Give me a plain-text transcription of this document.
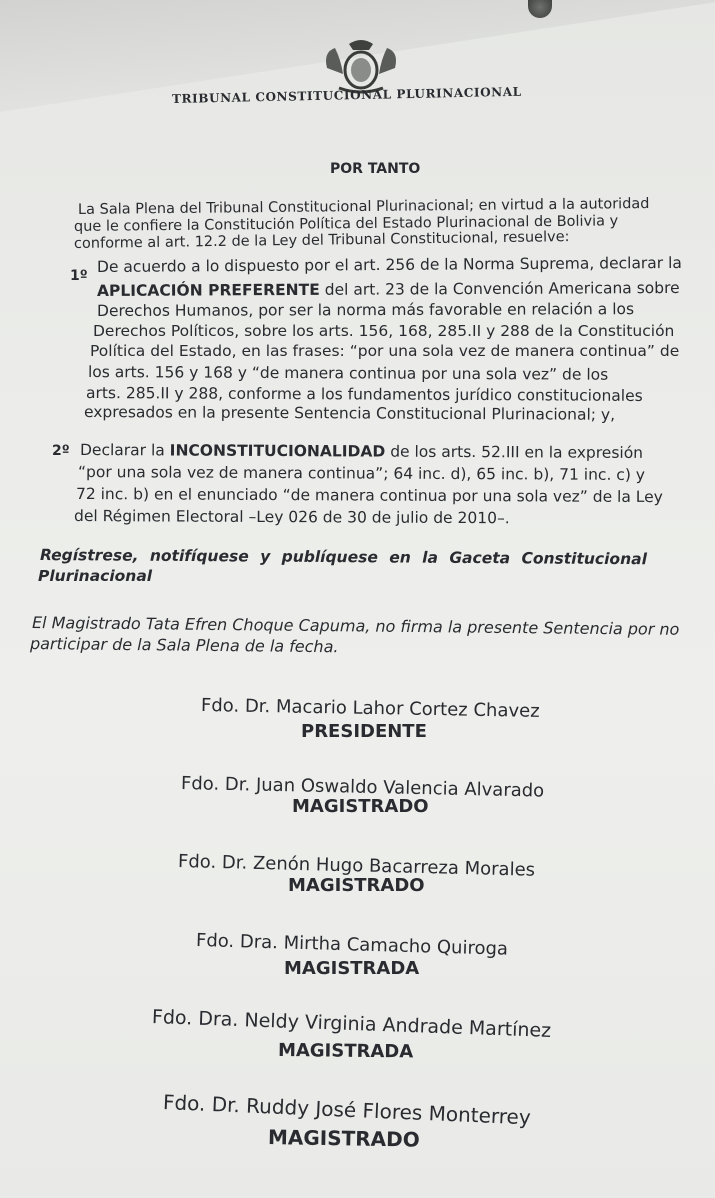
TRIBUNAL CONSTITUCIONAL PLURINACIONAL
POR TANTO
La Sala Plena del Tribunal Constitucional Plurinacional; en virtud a la autoridad
que le confiere la Constitución Política del Estado Plurinacional de Bolivia y
conforme al art. 12.2 de la Ley del Tribunal Constitucional, resuelve:
1º
De acuerdo a lo dispuesto por el art. 256 de la Norma Suprema, declarar la
APLICACIÓN PREFERENTE del art. 23 de la Convención Americana sobre
Derechos Humanos, por ser la norma más favorable en relación a los
Derechos Políticos, sobre los arts. 156, 168, 285.II y 288 de la Constitución
Política del Estado, en las frases: “por una sola vez de manera continua” de
los arts. 156 y 168 y “de manera continua por una sola vez” de los
arts. 285.II y 288, conforme a los fundamentos jurídico constitucionales
expresados en la presente Sentencia Constitucional Plurinacional; y,
2º Declarar la INCONSTITUCIONALIDAD de los arts. 52.III en la expresión
“por una sola vez de manera continua”; 64 inc. d), 65 inc. b), 71 inc. c) y
72 inc. b) en el enunciado “de manera continua por una sola vez” de la Ley
del Régimen Electoral –Ley 026 de 30 de julio de 2010–.
Regístrese, notifíquese y publíquese en la Gaceta Constitucional
Plurinacional
El Magistrado Tata Efren Choque Capuma, no firma la presente Sentencia por no
participar de la Sala Plena de la fecha.
Fdo. Dr. Macario Lahor Cortez Chavez
PRESIDENTE
Fdo. Dr. Juan Oswaldo Valencia Alvarado
MAGISTRADO
Fdo. Dr. Zenón Hugo Bacarreza Morales
MAGISTRADO
Fdo. Dra. Mirtha Camacho Quiroga
MAGISTRADA
Fdo. Dra. Neldy Virginia Andrade Martínez
MAGISTRADA
Fdo. Dr. Ruddy José Flores Monterrey
MAGISTRADO
